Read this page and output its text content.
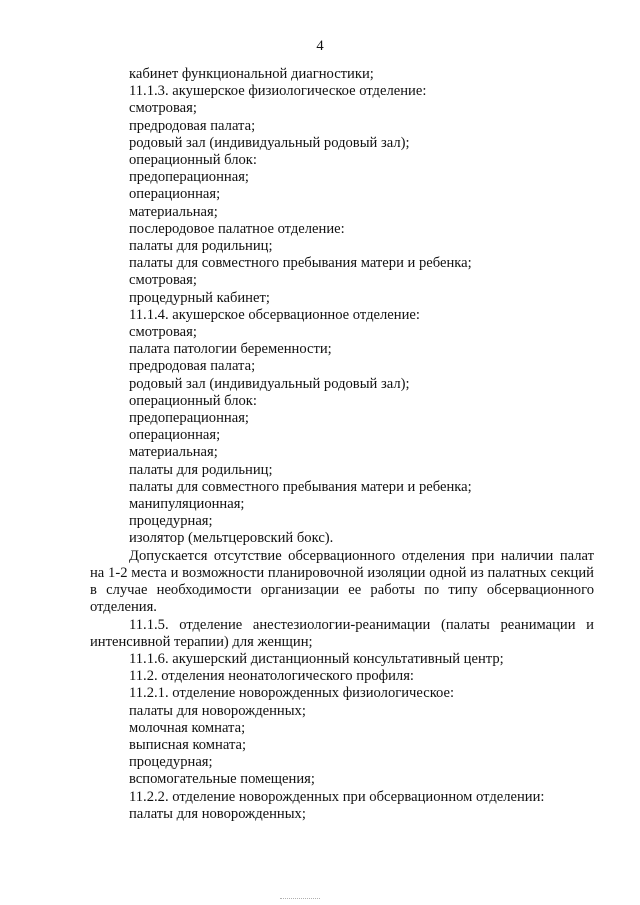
4
кабинет функциональной диагностики;
11.1.3. акушерское физиологическое отделение:
смотровая;
предродовая палата;
родовый зал (индивидуальный родовый зал);
операционный блок:
предоперационная;
операционная;
материальная;
послеродовое палатное отделение:
палаты для родильниц;
палаты для совместного пребывания матери и ребенка;
смотровая;
процедурный кабинет;
11.1.4. акушерское обсервационное отделение:
смотровая;
палата патологии беременности;
предродовая палата;
родовый зал (индивидуальный родовый зал);
операционный блок:
предоперационная;
операционная;
материальная;
палаты для родильниц;
палаты для совместного пребывания матери и ребенка;
манипуляционная;
процедурная;
изолятор (мельтцеровский бокс).
Допускается отсутствие обсервационного отделения при наличии палат на 1-2 места и возможности планировочной изоляции одной из палатных секций в случае необходимости организации ее работы по типу обсервационного отделения.
11.1.5. отделение анестезиологии-реанимации (палаты реанимации и интенсивной терапии) для женщин;
11.1.6. акушерский дистанционный консультативный центр;
11.2. отделения неонатологического профиля:
11.2.1. отделение новорожденных физиологическое:
палаты для новорожденных;
молочная комната;
выписная комната;
процедурная;
вспомогательные помещения;
11.2.2. отделение новорожденных при обсервационном отделении:
палаты для новорожденных;
